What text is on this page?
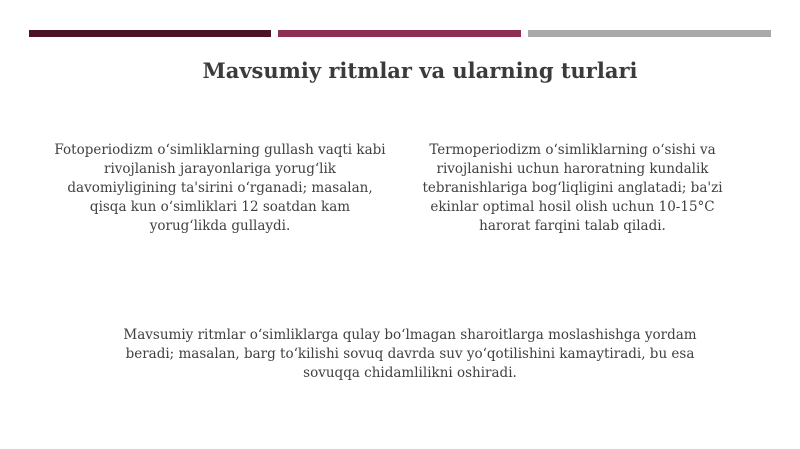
Mavsumiy ritmlar va ularning turlari
Fotoperiodizm o‘simliklarning gullash vaqti kabi rivojlanish jarayonlariga yorug‘lik davomiyligining ta'sirini o‘rganadi; masalan, qisqa kun o‘simliklari 12 soatdan kam yorug‘likda gullaydi.
Termoperiodizm o‘simliklarning o‘sishi va rivojlanishi uchun haroratning kundalik tebranishlariga bog‘liqligini anglatadi; ba'zi ekinlar optimal hosil olish uchun 10-15°C harorat farqini talab qiladi.
Mavsumiy ritmlar o‘simliklarga qulay bo‘lmagan sharoitlarga moslashishga yordam beradi; masalan, barg to‘kilishi sovuq davrda suv yo‘qotilishini kamaytiradi, bu esa sovuqqa chidamlilikni oshiradi.
